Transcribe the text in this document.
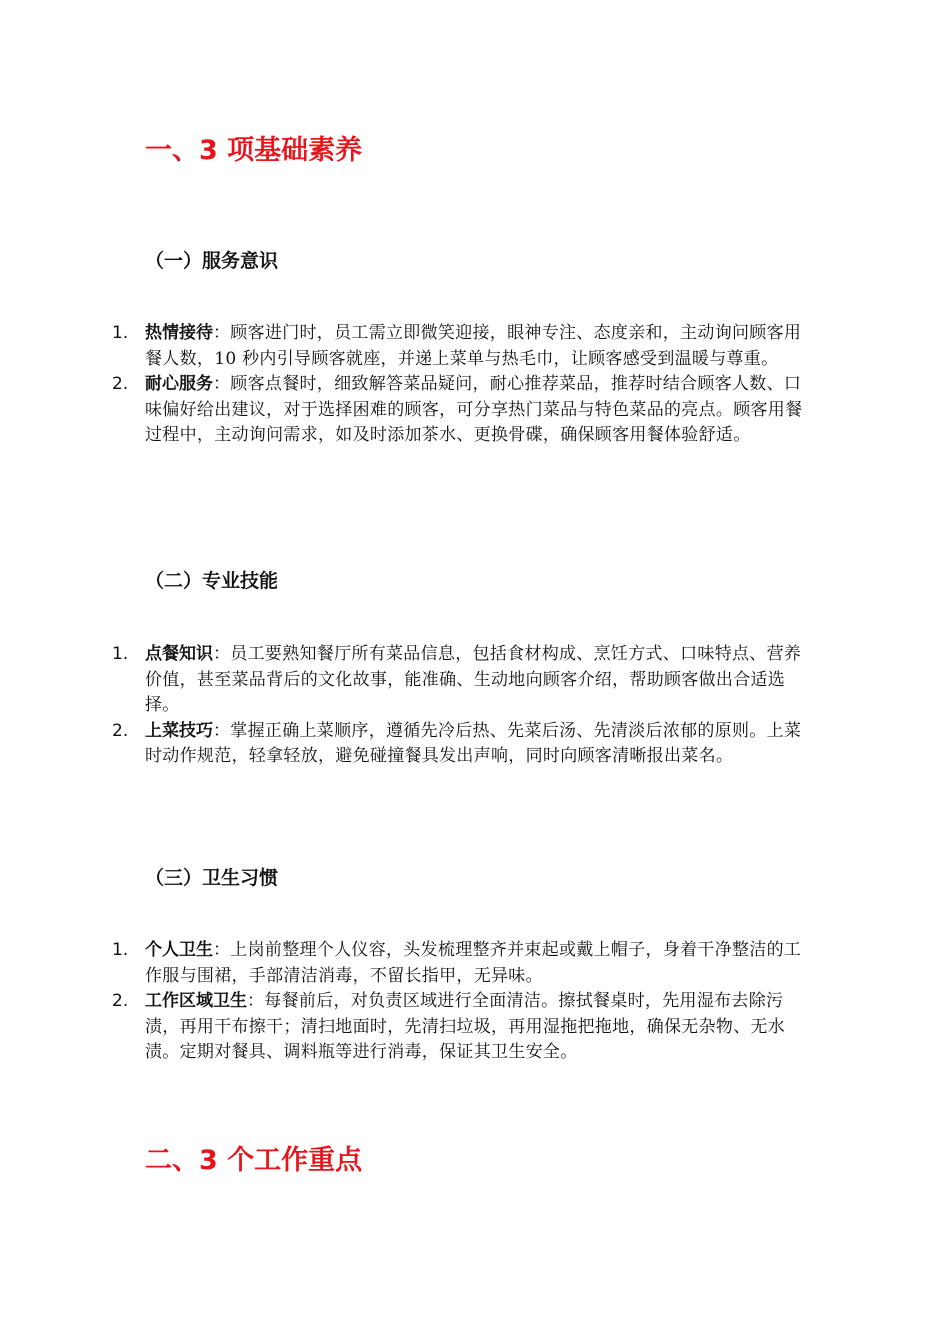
一、3 项基础素养
（一）服务意识
1. 热情接待：顾客进门时，员工需立即微笑迎接，眼神专注、态度亲和，主动询问顾客用餐人数，10 秒内引导顾客就座，并递上菜单与热毛巾，让顾客感受到温暖与尊重。
2. 耐心服务：顾客点餐时，细致解答菜品疑问，耐心推荐菜品，推荐时结合顾客人数、口味偏好给出建议，对于选择困难的顾客，可分享热门菜品与特色菜品的亮点。顾客用餐过程中，主动询问需求，如及时添加茶水、更换骨碟，确保顾客用餐体验舒适。
（二）专业技能
1. 点餐知识：员工要熟知餐厅所有菜品信息，包括食材构成、烹饪方式、口味特点、营养价值，甚至菜品背后的文化故事，能准确、生动地向顾客介绍，帮助顾客做出合适选择。
2. 上菜技巧：掌握正确上菜顺序，遵循先冷后热、先菜后汤、先清淡后浓郁的原则。上菜时动作规范，轻拿轻放，避免碰撞餐具发出声响，同时向顾客清晰报出菜名。
（三）卫生习惯
1. 个人卫生：上岗前整理个人仪容，头发梳理整齐并束起或戴上帽子，身着干净整洁的工作服与围裙，手部清洁消毒，不留长指甲，无异味。
2. 工作区域卫生：每餐前后，对负责区域进行全面清洁。擦拭餐桌时，先用湿布去除污渍，再用干布擦干；清扫地面时，先清扫垃圾，再用湿拖把拖地，确保无杂物、无水渍。定期对餐具、调料瓶等进行消毒，保证其卫生安全。
二、3 个工作重点
